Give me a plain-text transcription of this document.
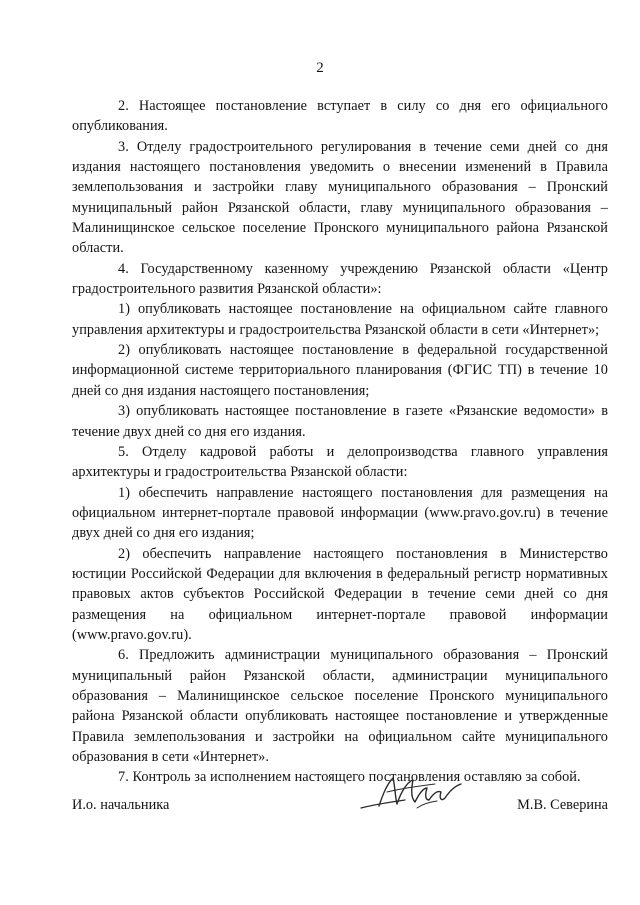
2

2. Настоящее постановление вступает в силу со дня его официального опубликования.

3. Отделу градостроительного регулирования в течение семи дней со дня издания настоящего постановления уведомить о внесении изменений в Правила землепользования и застройки главу муниципального образования – Пронский муниципальный район Рязанской области, главу муниципального образования – Малинищинское сельское поселение Пронского муниципального района Рязанской области.

4. Государственному казенному учреждению Рязанской области «Центр градостроительного развития Рязанской области»:

1) опубликовать настоящее постановление на официальном сайте главного управления архитектуры и градостроительства Рязанской области в сети «Интернет»;

2) опубликовать настоящее постановление в федеральной государственной информационной системе территориального планирования (ФГИС ТП) в течение 10 дней со дня издания настоящего постановления;

3) опубликовать настоящее постановление в газете «Рязанские ведомости» в течение двух дней со дня его издания.

5. Отделу кадровой работы и делопроизводства главного управления архитектуры и градостроительства Рязанской области:

1) обеспечить направление настоящего постановления для размещения на официальном интернет-портале правовой информации (www.pravo.gov.ru) в течение двух дней со дня его издания;

2) обеспечить направление настоящего постановления в Министерство юстиции Российской Федерации для включения в федеральный регистр нормативных правовых актов субъектов Российской Федерации в течение семи дней со дня размещения на официальном интернет-портале правовой информации (www.pravo.gov.ru).

6. Предложить администрации муниципального образования – Пронский муниципальный район Рязанской области, администрации муниципального образования – Малинищинское сельское поселение Пронского муниципального района Рязанской области опубликовать настоящее постановление и утвержденные Правила землепользования и застройки на официальном сайте муниципального образования в сети «Интернет».

7. Контроль за исполнением настоящего постановления оставляю за собой.

И.о. начальника	М.В. Северина
